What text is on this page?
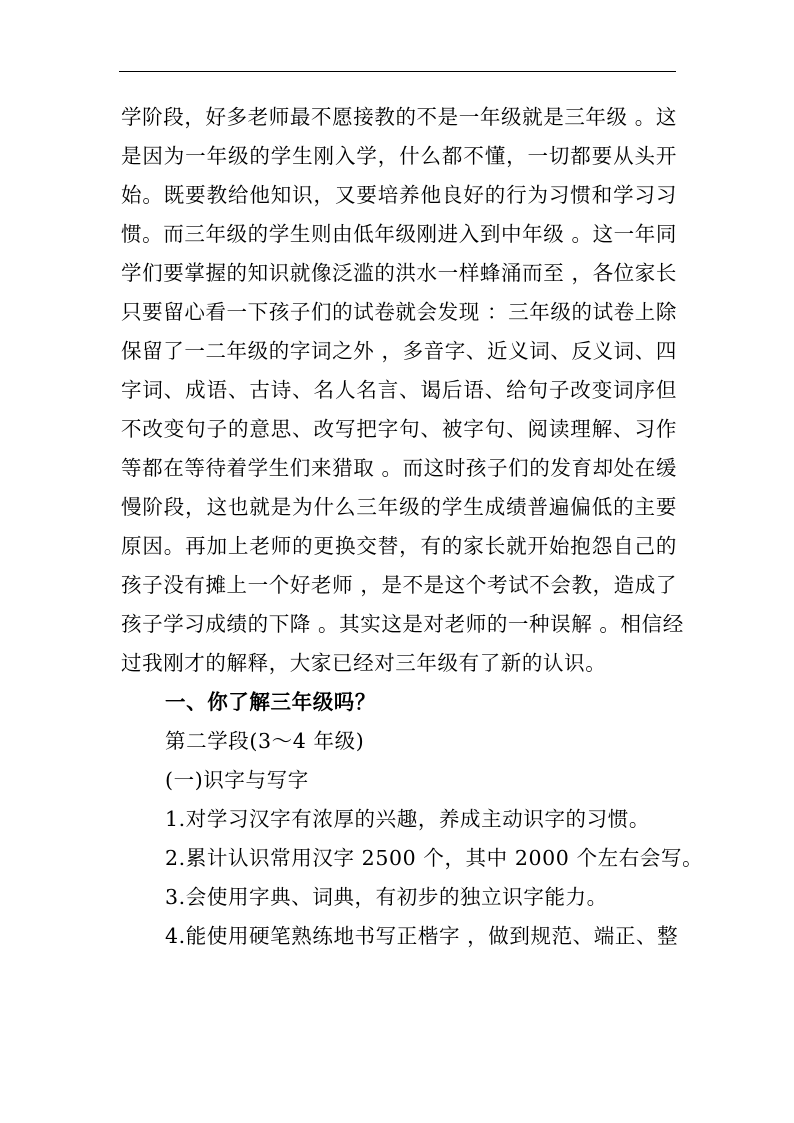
学阶段，好多老师最不愿接教的不是一年级就是三年级 。这
是因为一年级的学生刚入学，什么都不懂，一切都要从头开
始。既要教给他知识，又要培养他良好的行为习惯和学习习
惯。而三年级的学生则由低年级刚进入到中年级 。这一年同
学们要掌握的知识就像泛滥的洪水一样蜂涌而至 ，各位家长
只要留心看一下孩子们的试卷就会发现 ：三年级的试卷上除
保留了一二年级的字词之外 ，多音字、近义词、反义词、四
字词、成语、古诗、名人名言、谒后语、给句子改变词序但
不改变句子的意思、改写把字句、被字句、阅读理解、习作
等都在等待着学生们来猎取 。而这时孩子们的发育却处在缓
慢阶段，这也就是为什么三年级的学生成绩普遍偏低的主要
原因。再加上老师的更换交替，有的家长就开始抱怨自己的
孩子没有摊上一个好老师 ，是不是这个考试不会教，造成了
孩子学习成绩的下降 。其实这是对老师的一种误解 。相信经
过我刚才的解释，大家已经对三年级有了新的认识。
一、你了解三年级吗？
第二学段(3～4 年级)
(一)识字与写字
1.对学习汉字有浓厚的兴趣，养成主动识字的习惯。
2.累计认识常用汉字 2500 个，其中 2000 个左右会写。
3.会使用字典、词典，有初步的独立识字能力。
4.能使用硬笔熟练地书写正楷字 ，做到规范、端正、整
